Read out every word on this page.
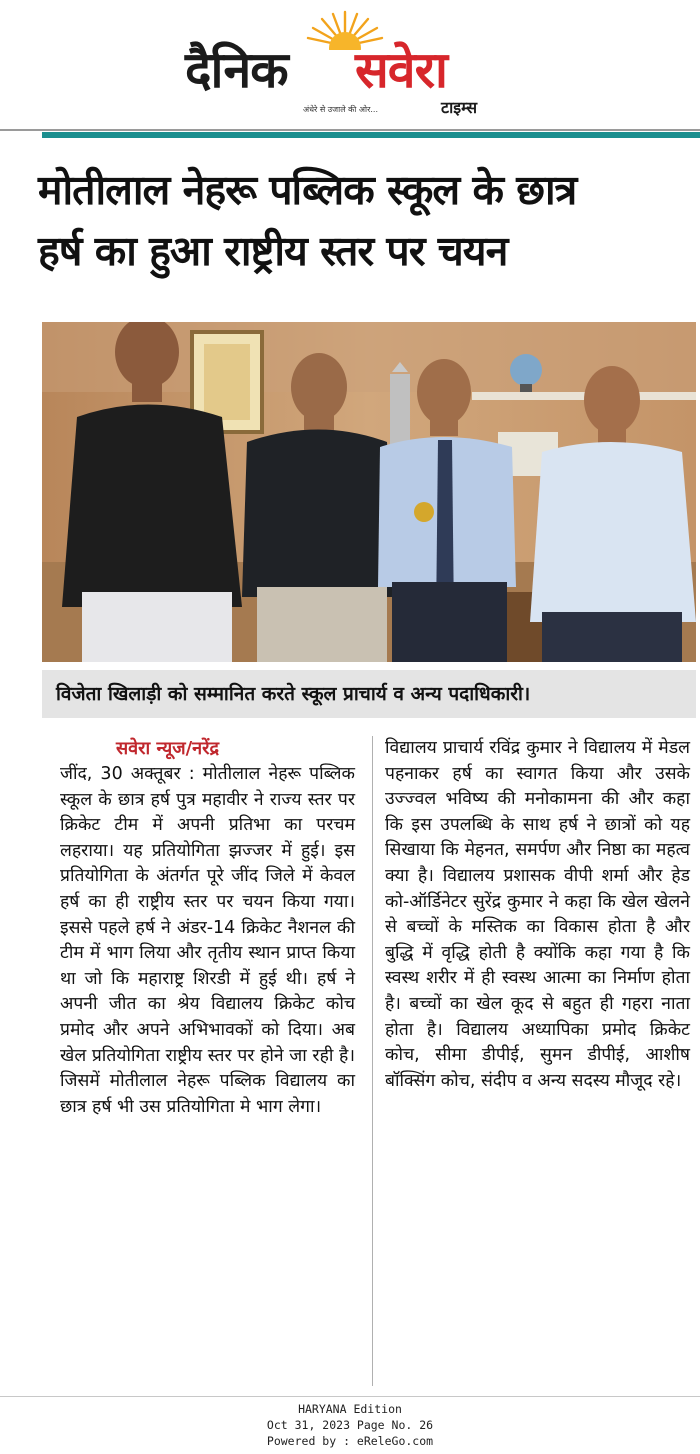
दैनिक सवेरा
अंधेरे से उजाले की ओर...	टाइम्स
मोतीलाल नेहरू पब्लिक स्कूल के छात्र
हर्ष का हुआ राष्ट्रीय स्तर पर चयन
विजेता खिलाड़ी को सम्मानित करते स्कूल प्राचार्य व अन्य पदाधिकारी।
सवेरा न्यूज/नरेंद्र

जींद, 30 अक्तूबर : मोतीलाल नेहरू पब्लिक स्कूल के छात्र हर्ष पुत्र महावीर ने राज्य स्तर पर क्रिकेट टीम में अपनी प्रतिभा का परचम लहराया। यह प्रतियोगिता झज्जर में हुई। इस प्रतियोगिता के अंतर्गत पूरे जींद जिले में केवल हर्ष का ही राष्ट्रीय स्तर पर चयन किया गया। इससे पहले हर्ष ने अंडर-14 क्रिकेट नैशनल की टीम में भाग लिया और तृतीय स्थान प्राप्त किया था जो कि महाराष्ट्र शिरडी में हुई थी। हर्ष ने अपनी जीत का श्रेय विद्यालय क्रिकेट कोच प्रमोद और अपने अभिभावकों को दिया। अब खेल प्रतियोगिता राष्ट्रीय स्तर पर होने जा रही है। जिसमें मोतीलाल नेहरू पब्लिक विद्यालय का छात्र हर्ष भी उस प्रतियोगिता मे भाग लेगा।

विद्यालय प्राचार्य रविंद्र कुमार ने विद्यालय में मेडल पहनाकर हर्ष का स्वागत किया और उसके उज्ज्वल भविष्य की मनोकामना की और कहा कि इस उपलब्धि के साथ हर्ष ने छात्रों को यह सिखाया कि मेहनत, समर्पण और निष्ठा का महत्व क्या है। विद्यालय प्रशासक वीपी शर्मा और हेड को-ऑर्डिनेटर सुरेंद्र कुमार ने कहा कि खेल खेलने से बच्चों के मस्तिक का विकास होता है और बुद्धि में वृद्धि होती है क्योंकि कहा गया है कि स्वस्थ शरीर में ही स्वस्थ आत्मा का निर्माण होता है। बच्चों का खेल कूद से बहुत ही गहरा नाता होता है। विद्यालय अध्यापिका प्रमोद क्रिकेट कोच, सीमा डीपीई, सुमन डीपीई, आशीष बॉक्सिंग कोच, संदीप व अन्य सदस्य मौजूद रहे।

HARYANA Edition
Oct 31, 2023 Page No. 26
Powered by : eReleGo.com
